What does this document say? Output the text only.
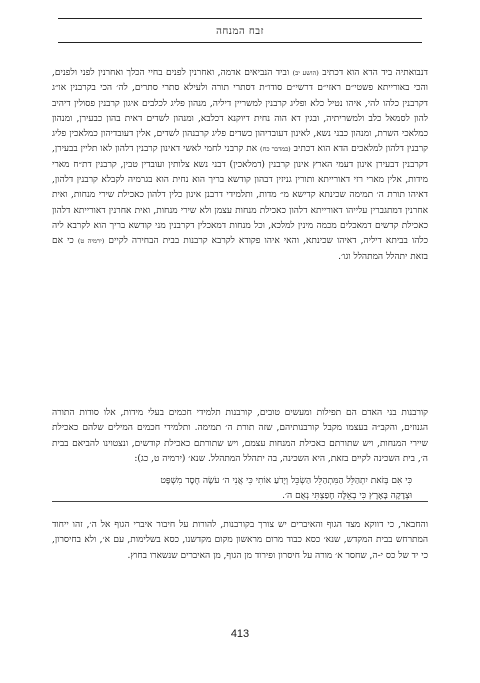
זבח המנחה

דנבואתיה ביד הדא הוא דכתיב (הושע יב) וביד הנביאים אדמה, ואחרנין לפנים בחיי הכלך ואחרנין לפני ולפנים, והכי באורייתא פשטי״ם ראזי״ם דרשי״ם סודו״ת דסתרי תורה ולעילא סתרי סתרים, לה׳ הכי בקרבנין או״ג דקרבנין כלהו להי, איהו נטיל כלא ופליג קרבנין למשריין דיליה, מנהון פליג לכלבים איגון קרבנין פסולין דיהיב להון לסמאל כלב ולמשריתיה, ובגין דא הוה נחית דיוקנא דכלבא, ומנהון לשדים דאית בהון כבעירן, ומנהון כמלאכי השרת, ומנהון כבני נשא, לאינון דעובדיהון כשדים פליג קרבנהון לשדים, אלין דעובדיהון כמלאכין פליג קרבנין דלהון למלאכים הדא הוא דכתיב (במדבר כח) את קרבני לחמי לאשי דאינון קרבנין דלהון לאו תליין בבעירן, דקרבנין דבעירן אינון דעמי הארץ אינון קרבנין (דמלאכין) דבני נשא צלותין ועובדין טבין, קרבנין דת״ח מארי מידות, אלין מארי רזי דאורייתא ותורין גניזין דבהון קודשא בריך הוא נחית הוא בגרמיה לקבלא קרבנין דלהון, דאיהו תורת ה׳ תמימה שכינתא קדישא מ״ מדות, ותלמידי דרבנן אינון כלין דלהון כאכילת שירי מנחות, ואית אחרנין דמתגברין עלייהו דאורייתא דלהון כאכילת מנחות עצמן ולא שירי מנחות, ואית אחרנין דאורייתא דלהון כאכילת קדשים דמאכלים מכמה מינין למלכא, וכל מנחות דמאכלין דקרבנין מני קודשא בריך הוא לקרבא ליה כלהו בביתא דיליה, דאיהו שכינתא, והאי איהו פקודא לקרבא קרבנות בבית הבחירה לקיים (ירמיה ט) כי אם בזאת יתהלל המתהלל וגו׳.

קורבנות בני האדם הם תפילות ומעשים טובים, קורבנות תלמידי חכמים בעלי מידות, אלו סודות התורה הגנוזים, והקב״ה בעצמו מקבל קורבנותיהם, שזה תורת ה׳ תמימה. ותלמידי חכמים המילים שלהם כאכילת שיירי המנחות, ויש שתורתם כאכילת המנחות עצמם, ויש שתורתם כאכילת קודשים, ונצטוינו להביאם בבית ה׳, בית השכינה לקיים בזאת, היא השכינה, בה יתהלל המתהלל. שנא׳ (ירמיה ט, כג):

כִּי אִם בְּזֹאת יִתְהַלֵּל הַמִּתְהַלֵּל הַשְׂכֵּל וְיָדֹעַ אוֹתִי כִּי אֲנִי ה׳ עֹשֶׂה חֶסֶד מִשְׁפָּט
וּצְדָקָה בָּאָרֶץ כִּי בְאֵלֶּה חָפַצְתִּי נְאֻם ה׳.

והחבאר, כי דווקא מצד הגוף והאיברים יש צורך בקורבנות, להורות על חיבור איברי הגוף אל ה׳, זהו ייחוד המתרחש בבית המקדש, שנא׳ כסא כבוד מרום מראשון מקום מקדשנו, כסא בשלימות, עם א׳, ולא בחיסרון, כי יד של כס י-ה, שחסר א׳ מורה על חיסרון ופירוד מן הגוף, מן האיברים שנשארו בחוץ.

413
